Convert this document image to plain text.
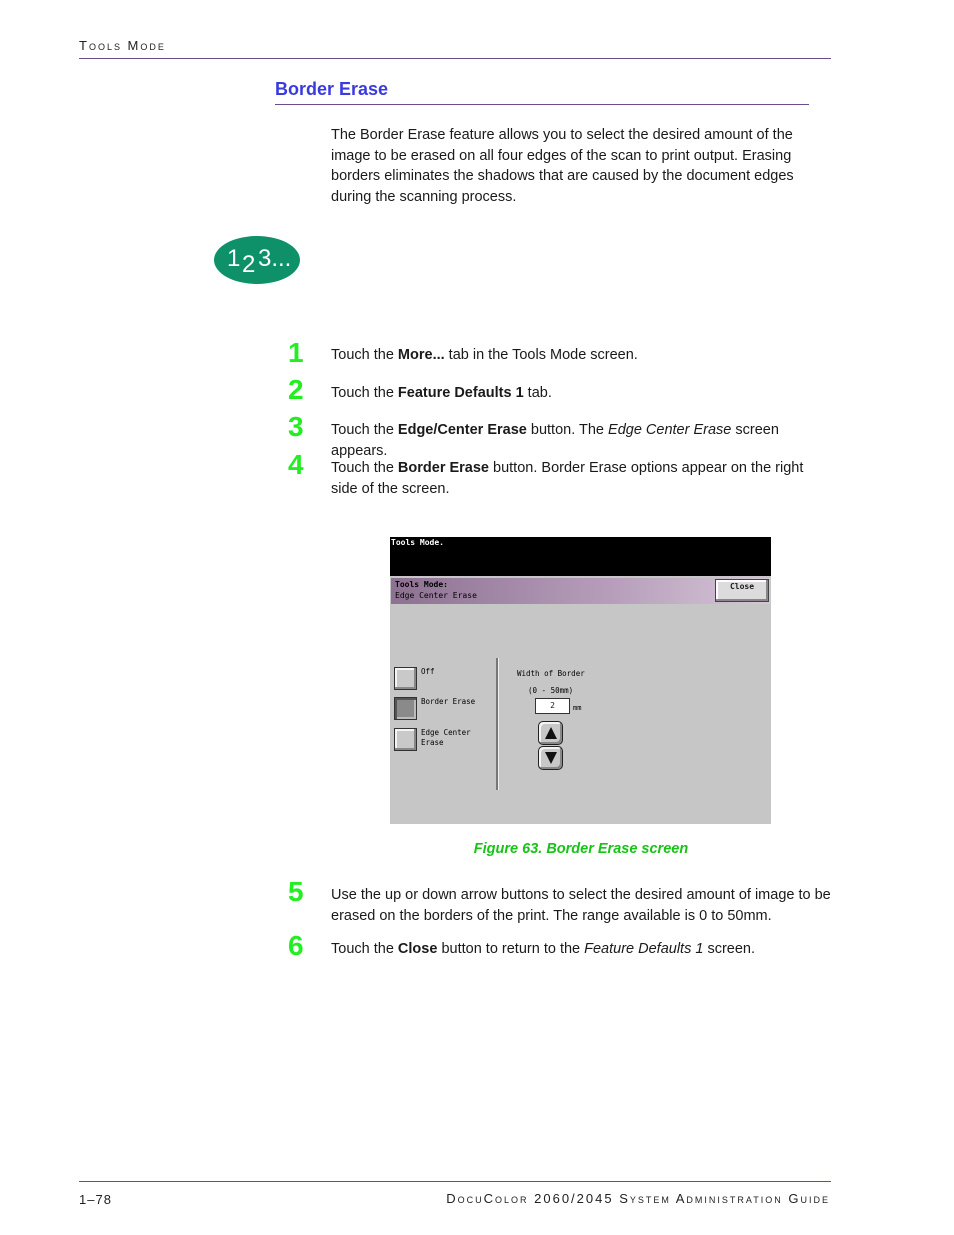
Tools Mode
Border Erase

The Border Erase feature allows you to select the desired amount of the image to be erased on all four edges of the scan to print output. Erasing borders eliminates the shadows that are caused by the document edges during the scanning process.

1 2 3...
1 Touch the More... tab in the Tools Mode screen.

2 Touch the Feature Defaults 1 tab.

3 Touch the Edge/Center Erase button. The Edge Center Erase screen appears.

4 Touch the Border Erase button. Border Erase options appear on the right side of the screen.

Tools Mode.
Tools Mode:
Edge Center Erase
Close
Off
Border Erase
Edge Center
Erase
Width of Border
(0 - 50mm)
2	mm
Figure 63. Border Erase screen
5 Use the up or down arrow buttons to select the desired amount of image to be erased on the borders of the print. The range available is 0 to 50mm.

6 Touch the Close button to return to the Feature Defaults 1 screen.

1–78	DocuColor 2060/2045 System Administration Guide
